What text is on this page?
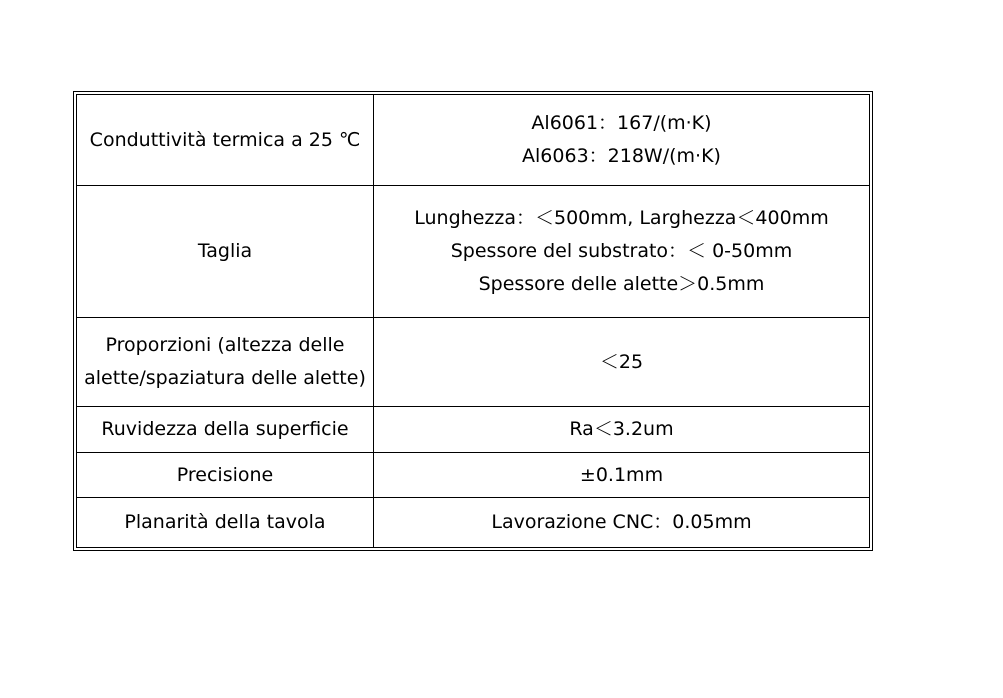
Conduttività termica a 25 ℃	Al6061：167/(m·K)
Al6063：218W/(m·K)

Taglia	Lunghezza：＜500mm, Larghezza＜400mm
Spessore del substrato：＜ 0-50mm
Spessore delle alette＞0.5mm

Proporzioni (altezza delle
alette/spaziatura delle alette)	＜25

Ruvidezza della superficie	Ra＜3.2um

Precisione	±0.1mm

Planarità della tavola	Lavorazione CNC：0.05mm
